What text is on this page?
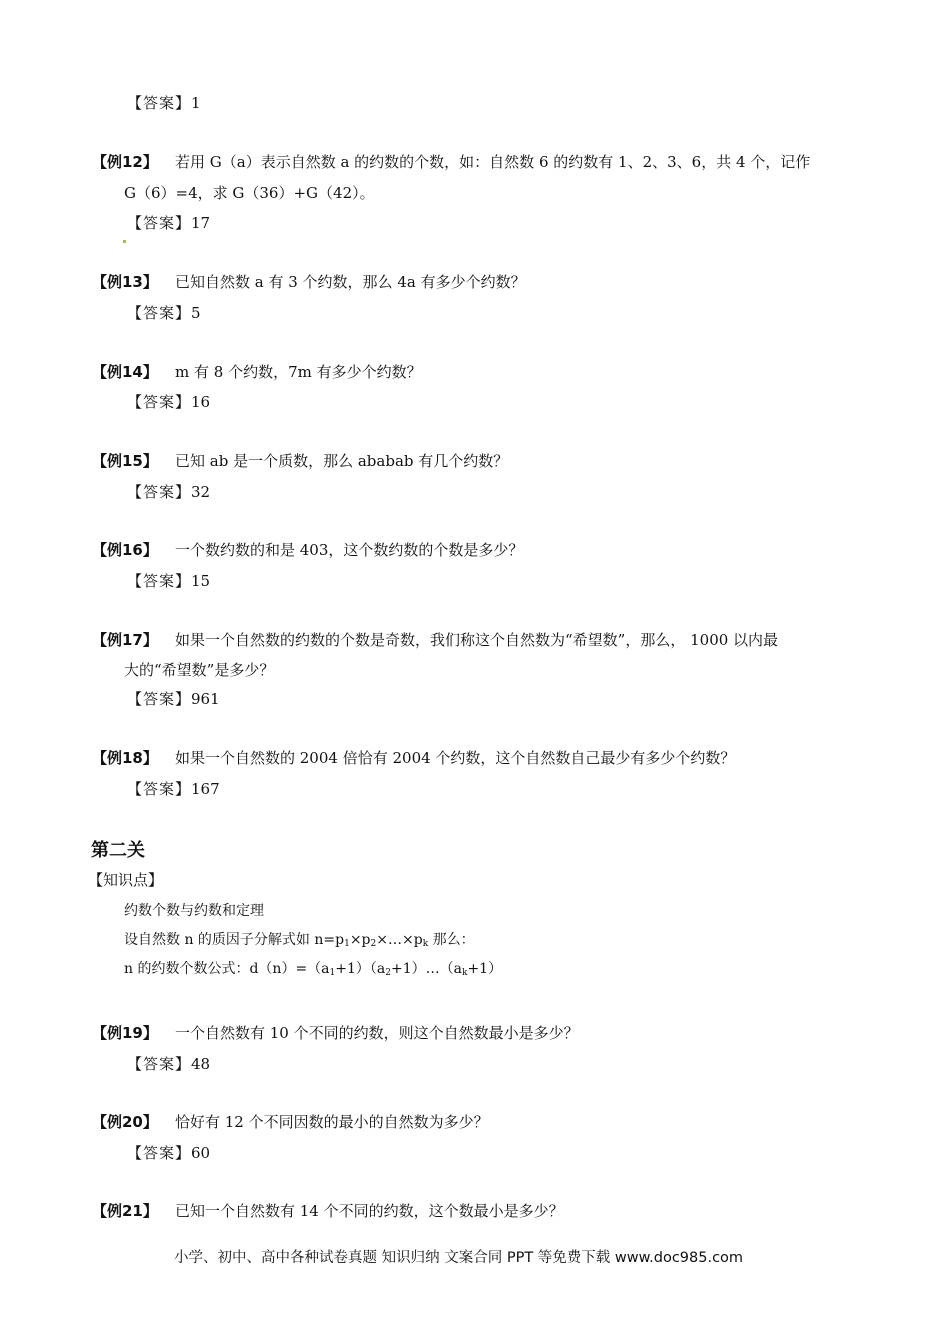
【答案】1
【例12】 若用 G（a）表示自然数 a 的约数的个数，如：自然数 6 的约数有 1、2、3、6，共 4 个，记作
G（6）=4，求 G（36）+G（42）。
【答案】17
【例13】 已知自然数 a 有 3 个约数，那么 4a 有多少个约数？
【答案】5
【例14】 m 有 8 个约数，7m 有多少个约数？
【答案】16
【例15】 已知 ab 是一个质数，那么 ababab 有几个约数？
【答案】32
【例16】 一个数约数的和是 403，这个数约数的个数是多少？
【答案】15
【例17】 如果一个自然数的约数的个数是奇数，我们称这个自然数为“希望数”，那么， 1000 以内最
大的“希望数”是多少？
【答案】961
【例18】 如果一个自然数的 2004 倍恰有 2004 个约数，这个自然数自己最少有多少个约数？
【答案】167
第二关
【知识点】
约数个数与约数和定理
设自然数 n 的质因子分解式如 $n=p_1\times p_2\times\dots\times p_k$ 那么：
n 的约数个数公式：$d(n)=(a_1+1)(a_2+1)\dots(a_k+1)$
【例19】 一个自然数有 10 个不同的约数，则这个自然数最小是多少？
【答案】48
【例20】 恰好有 12 个不同因数的最小的自然数为多少？
【答案】60
【例21】 已知一个自然数有 14 个不同的约数，这个数最小是多少？
小学、初中、高中各种试卷真题 知识归纳 文案合同 PPT 等免费下载 www.doc985.com
